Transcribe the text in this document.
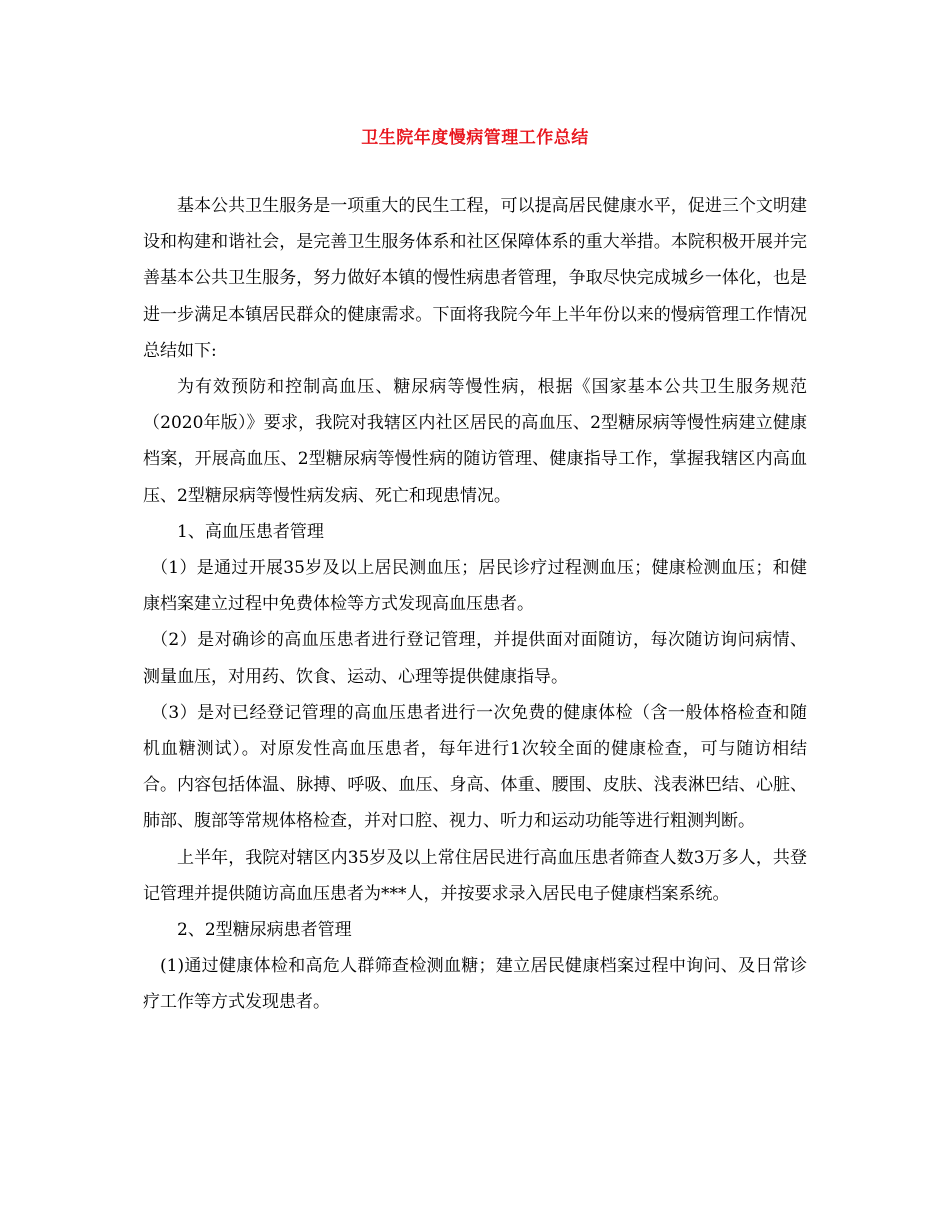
卫生院年度慢病管理工作总结

基本公共卫生服务是一项重大的民生工程，可以提高居民健康水平，促进三个文明建设和构建和谐社会，是完善卫生服务体系和社区保障体系的重大举措。本院积极开展并完善基本公共卫生服务，努力做好本镇的慢性病患者管理，争取尽快完成城乡一体化，也是进一步满足本镇居民群众的健康需求。下面将我院今年上半年份以来的慢病管理工作情况总结如下:

为有效预防和控制高血压、糖尿病等慢性病，根据《国家基本公共卫生服务规范（2020年版）》要求，我院对我辖区内社区居民的高血压、2型糖尿病等慢性病建立健康档案，开展高血压、2型糖尿病等慢性病的随访管理、健康指导工作，掌握我辖区内高血压、2型糖尿病等慢性病发病、死亡和现患情况。

1、高血压患者管理

（1）是通过开展35岁及以上居民测血压；居民诊疗过程测血压；健康检测血压；和健康档案建立过程中免费体检等方式发现高血压患者。

（2）是对确诊的高血压患者进行登记管理，并提供面对面随访，每次随访询问病情、测量血压，对用药、饮食、运动、心理等提供健康指导。

（3）是对已经登记管理的高血压患者进行一次免费的健康体检（含一般体格检查和随机血糖测试）。对原发性高血压患者，每年进行1次较全面的健康检查，可与随访相结合。内容包括体温、脉搏、呼吸、血压、身高、体重、腰围、皮肤、浅表淋巴结、心脏、肺部、腹部等常规体格检查，并对口腔、视力、听力和运动功能等进行粗测判断。

上半年，我院对辖区内35岁及以上常住居民进行高血压患者筛查人数3万多人，共登记管理并提供随访高血压患者为***人，并按要求录入居民电子健康档案系统。

2、2型糖尿病患者管理

(1)通过健康体检和高危人群筛查检测血糖；建立居民健康档案过程中询问、及日常诊疗工作等方式发现患者。
